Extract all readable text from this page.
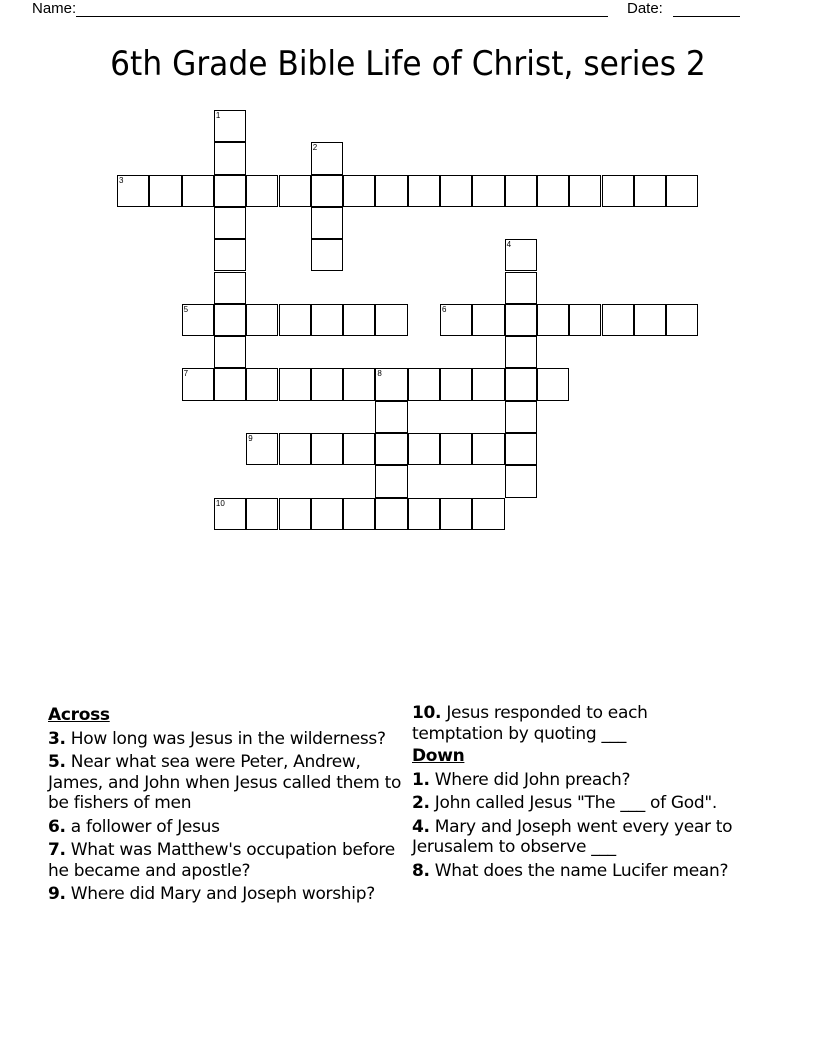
Name:	Date:
6th Grade Bible Life of Christ, series 2
1
2
3
4
5	6
7	8
9
10
Across
3. How long was Jesus in the wilderness?
5. Near what sea were Peter, Andrew, James, and John when Jesus called them to be fishers of men
6. a follower of Jesus
7. What was Matthew's occupation before he became and apostle?
9. Where did Mary and Joseph worship?
10. Jesus responded to each temptation by quoting ___
Down
1. Where did John preach?
2. John called Jesus "The ___ of God".
4. Mary and Joseph went every year to Jerusalem to observe ___
8. What does the name Lucifer mean?
